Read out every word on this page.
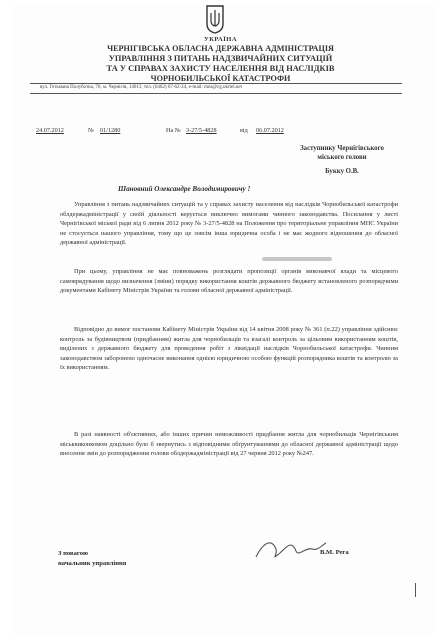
УКРАЇНА
ЧЕРНІГІВСЬКА ОБЛАСНА ДЕРЖАВНА АДМІНІСТРАЦІЯ
УПРАВЛІННЯ З ПИТАНЬ НАДЗВИЧАЙНИХ СИТУАЦІЙ
ТА У СПРАВАХ ЗАХИСТУ НАСЕЛЕННЯ ВІД НАСЛІДКІВ
ЧОРНОБИЛЬСЬКОЇ КАТАСТРОФИ
вул. Гетьмана Полуботка, 70, м. Чернігів, 14013, тел. (0462) 67-62-24, e-mail: mns@cg.ukrtel.net
24.07.2012	№ 01/1280	На № 3-27/5-4828	від 06.07.2012
Заступнику Чернігівського
міського голови
Букку О.В.
Шановний Олександре Володимировичу !
Управління з питань надзвичайних ситуацій та у справах захисту населення від наслідків Чорнобильської катастрофи облдержадміністрації у своїй діяльності керується виключно вимогами чинного законодавства. Посилання у листі Чернігівської міської ради від 6 липня 2012 року № 3-27/5-4828 на Положення про територіальне управління МНС України не стосується нашого управління, тому що це зовсім інша юридична особа і не має жодного відношення до обласної державної адміністрації.
При цьому, управління не має повноважень розглядати пропозиції органів виконавчої влади та місцевого самоврядування щодо визначення (зміни) порядку використання коштів державного бюджету встановленого розпорядчими документами Кабінету Міністрів України та голови обласної державної адміністрації.
Відповідно до вимог постанови Кабінету Міністрів України від 14 квітня 2008 року № 361 (п.22) управління здійснює контроль за будівництвом (придбанням) житла для чорнобильців та взагалі контроль за цільовим використанням коштів, виділених з державного бюджету для проведення робіт з ліквідації наслідків Чорнобильської катастрофи. Чинним законодавством заборонено одночасне виконання однією юридичною особою функцій розпорядника коштів та контролю за їх використанням.
В разі наявності об'єктивних, або інших причин неможливості придбання житла для чорнобильців Чернігівським міськвиконкомом доцільно було б звернутись з відповідними обґрунтуваннями до обласної державної адміністрації щодо внесення змін до розпорядження голови облдержадміністрації від 27 червня 2012 року №247.
З повагою
начальник управління
В.М. Рега
